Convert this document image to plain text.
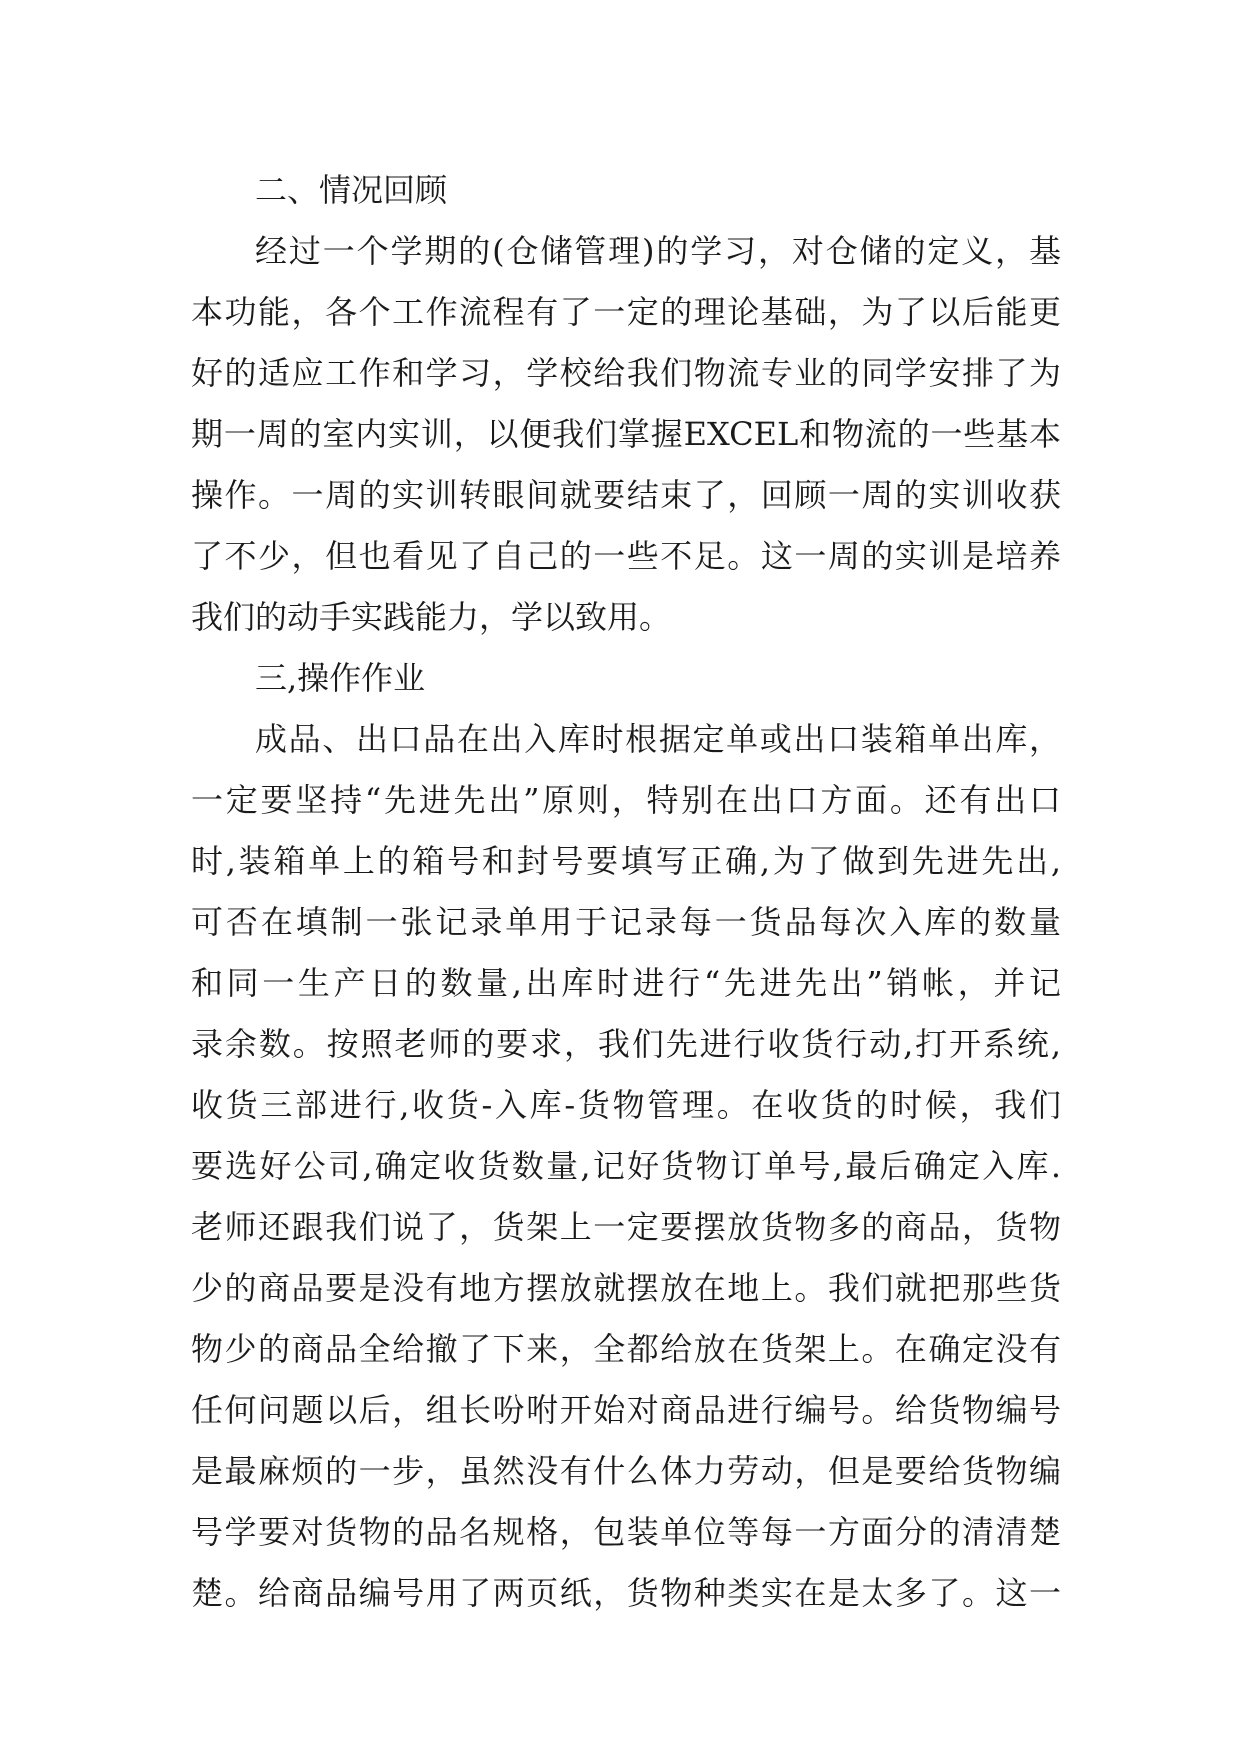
二、情况回顾
经过一个学期的(仓储管理)的学习，对仓储的定义，基
本功能，各个工作流程有了一定的理论基础，为了以后能更
好的适应工作和学习，学校给我们物流专业的同学安排了为
期一周的室内实训，以便我们掌握EXCEL和物流的一些基本
操作。一周的实训转眼间就要结束了，回顾一周的实训收获
了不少，但也看见了自己的一些不足。这一周的实训是培养
我们的动手实践能力，学以致用。
三,操作作业
成品、出口品在出入库时根据定单或出口装箱单出库，
一定要坚持“先进先出”原则，特别在出口方面。还有出口
时,装箱单上的箱号和封号要填写正确,为了做到先进先出,
可否在填制一张记录单用于记录每一货品每次入库的数量
和同一生产日的数量,出库时进行“先进先出”销帐，并记
录余数。按照老师的要求，我们先进行收货行动,打开系统,
收货三部进行,收货-入库-货物管理。在收货的时候，我们
要选好公司,确定收货数量,记好货物订单号,最后确定入库.
老师还跟我们说了，货架上一定要摆放货物多的商品，货物
少的商品要是没有地方摆放就摆放在地上。我们就把那些货
物少的商品全给撤了下来，全都给放在货架上。在确定没有
任何问题以后，组长吩咐开始对商品进行编号。给货物编号
是最麻烦的一步，虽然没有什么体力劳动，但是要给货物编
号学要对货物的品名规格，包装单位等每一方面分的清清楚
楚。给商品编号用了两页纸，货物种类实在是太多了。这一
